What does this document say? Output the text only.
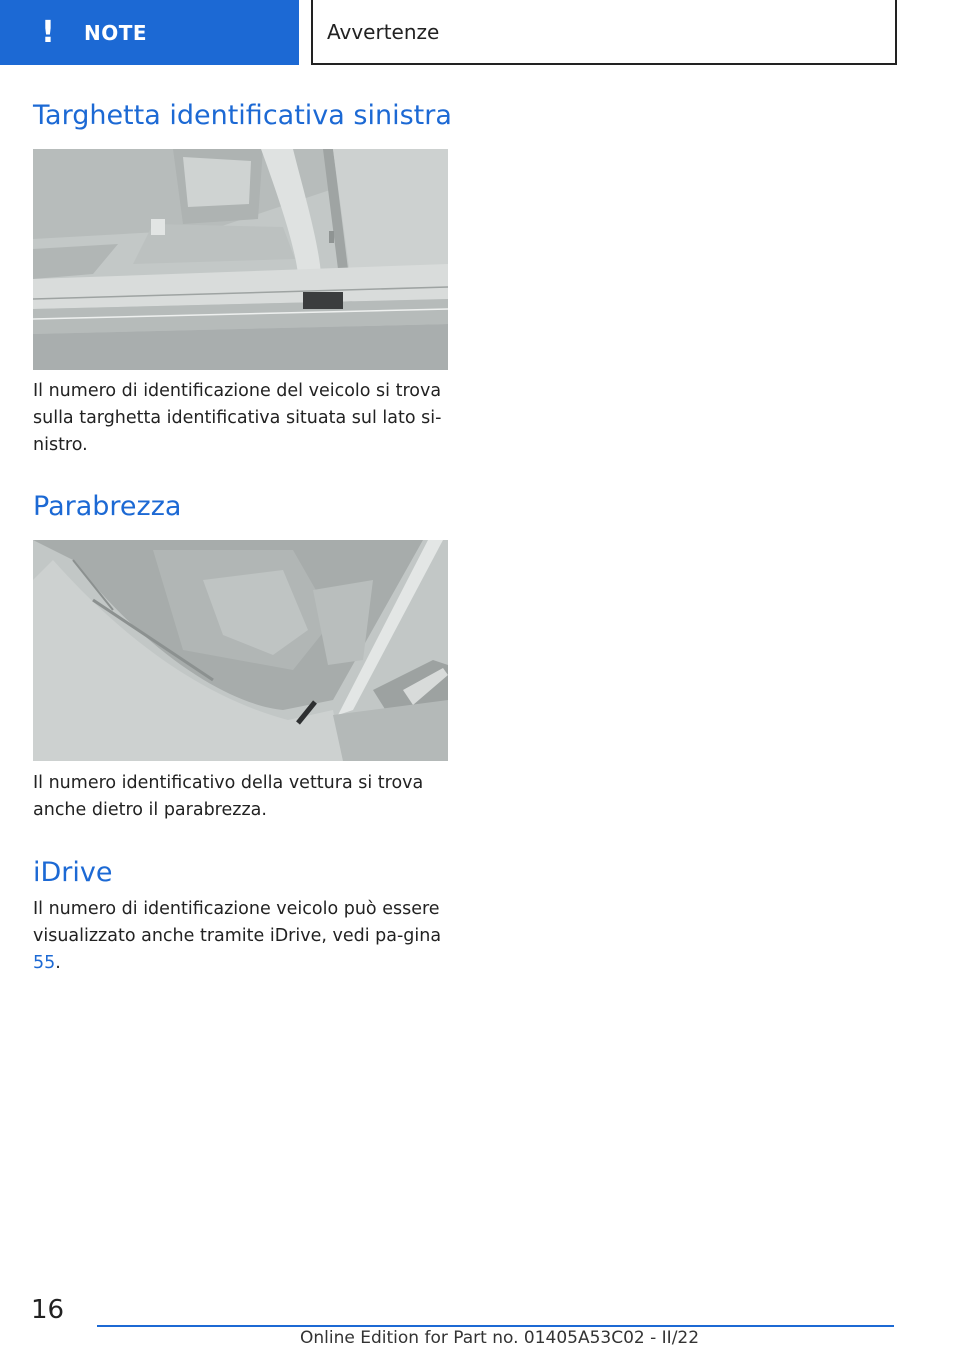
! NOTE	Avvertenze
Targhetta identificativa sinistra

Il numero di identificazione del veicolo si trova sulla targhetta identificativa situata sul lato si-nistro.

Parabrezza

Il numero identificativo della vettura si trova anche dietro il parabrezza.

iDrive

Il numero di identificazione veicolo può essere visualizzato anche tramite iDrive, vedi pa-gina 55.

16
Online Edition for Part no. 01405A53C02 - II/22
